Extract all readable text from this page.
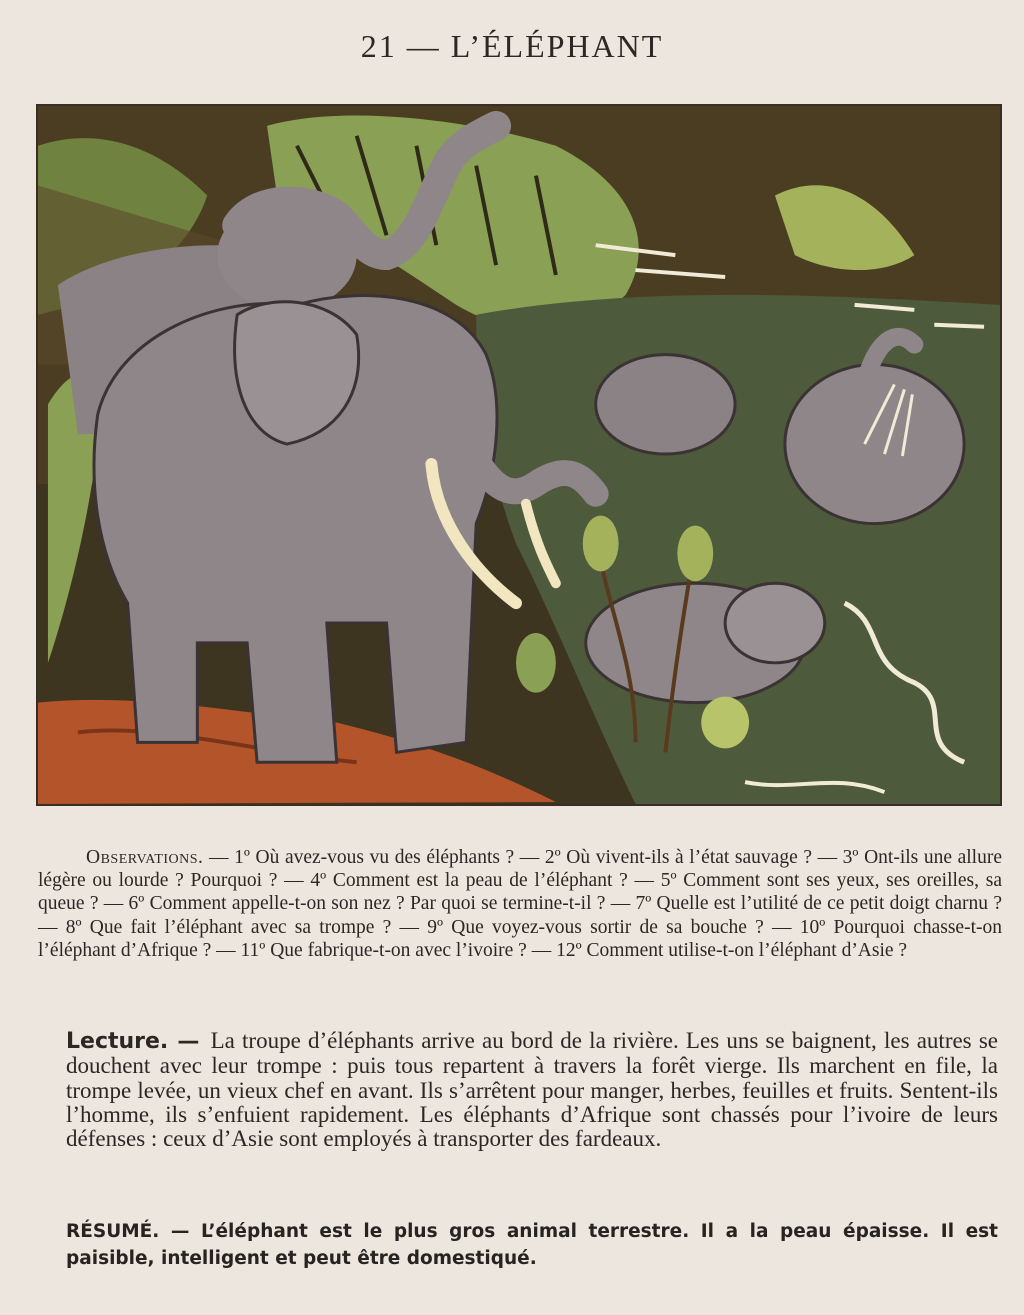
21 — L’ÉLÉPHANT

Observations. — 1º Où avez-vous vu des éléphants ? — 2º Où vivent-ils à l’état sauvage ? — 3º Ont-ils une allure légère ou lourde ? Pourquoi ? — 4º Comment est la peau de l’éléphant ? — 5º Comment sont ses yeux, ses oreilles, sa queue ? — 6º Comment appelle-t-on son nez ? Par quoi se termine-t-il ? — 7º Quelle est l’utilité de ce petit doigt charnu ? — 8º Que fait l’éléphant avec sa trompe ? — 9º Que voyez-vous sortir de sa bouche ? — 10º Pourquoi chasse-t-on l’éléphant d’Afrique ? — 11º Que fabrique-t-on avec l’ivoire ? — 12º Comment utilise-t-on l’éléphant d’Asie ?

Lecture. — La troupe d’éléphants arrive au bord de la rivière. Les uns se baignent, les autres se douchent avec leur trompe : puis tous repartent à travers la forêt vierge. Ils marchent en file, la trompe levée, un vieux chef en avant. Ils s’arrêtent pour manger, herbes, feuilles et fruits. Sentent-ils l’homme, ils s’enfuient rapidement. Les éléphants d’Afrique sont chassés pour l’ivoire de leurs défenses : ceux d’Asie sont employés à transporter des fardeaux.

RÉSUMÉ. — L’éléphant est le plus gros animal terrestre. Il a la peau épaisse. Il est paisible, intelligent et peut être domestiqué.
